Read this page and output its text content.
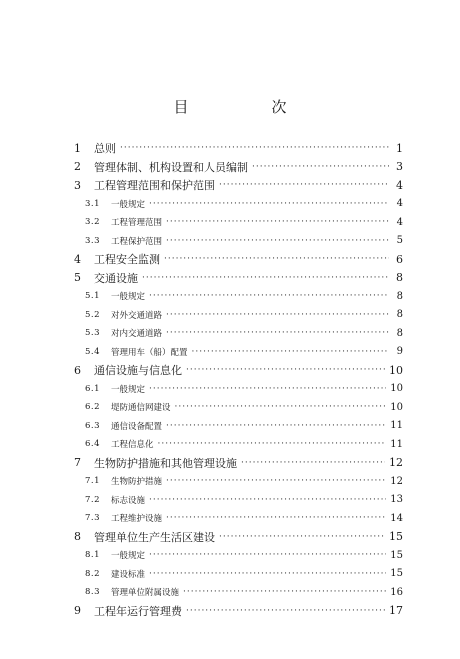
目　次
1	总则 ·····	1
2	管理体制、机构设置和人员编制 ·····	3
3	工程管理范围和保护范围 ·····	4
3.1	一般规定 ·····	4
3.2	工程管理范围 ·····	4
3.3	工程保护范围 ·····	5
4	工程安全监测 ·····	6
5	交通设施 ·····	8
5.1	一般规定 ·····	8
5.2	对外交通道路 ·····	8
5.3	对内交通道路 ·····	8
5.4	管理用车（船）配置 ·····	9
6	通信设施与信息化 ·····	10
6.1	一般规定 ·····	10
6.2	堤防通信网建设 ·····	10
6.3	通信设备配置 ·····	11
6.4	工程信息化 ·····	11
7	生物防护措施和其他管理设施 ·····	12
7.1	生物防护措施 ·····	12
7.2	标志设施 ·····	13
7.3	工程维护设施 ·····	14
8	管理单位生产生活区建设 ·····	15
8.1	一般规定 ·····	15
8.2	建设标准 ·····	15
8.3	管理单位附属设施 ·····	16
9	工程年运行管理费 ·····	17
